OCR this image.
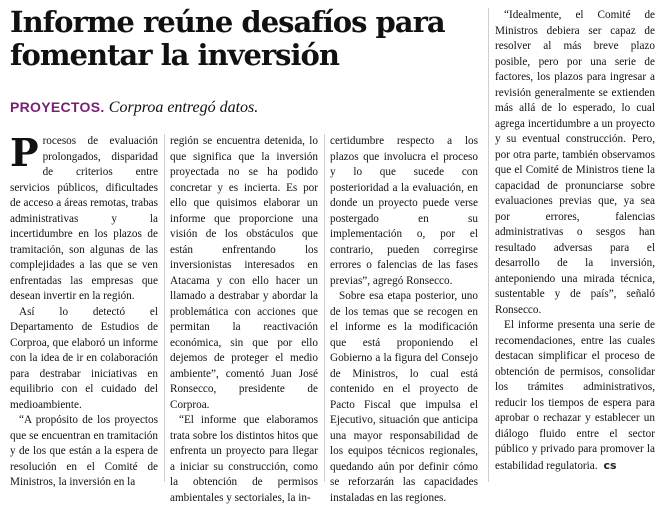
Informe reúne desafíos para fomentar la inversión
PROYECTOS. Corproa entregó datos.

Procesos de evaluación prolongados, disparidad de criterios entre servicios públicos, dificultades de acceso a áreas remotas, trabas administrativas y la incertidumbre en los plazos de tramitación, son algunas de las complejidades a las que se ven enfrentadas las empresas que desean invertir en la región.

Así lo detectó el Departamento de Estudios de Corproa, que elaboró un informe con la idea de ir en colaboración para destrabar iniciativas en equilibrio con el cuidado del medioambiente.

“A propósito de los proyectos que se encuentran en tramitación y de los que están a la espera de resolución en el Comité de Ministros, la inversión en la

región se encuentra detenida, lo que significa que la inversión proyectada no se ha podido concretar y es incierta. Es por ello que quisimos elaborar un informe que proporcione una visión de los obstáculos que están enfrentando los inversionistas interesados en Atacama y con ello hacer un llamado a destrabar y abordar la problemática con acciones que permitan la reactivación económica, sin que por ello dejemos de proteger el medio ambiente”, comentó Juan José Ronsecco, presidente de Corproa.

“El informe que elaboramos trata sobre los distintos hitos que enfrenta un proyecto para llegar a iniciar su construcción, como la obtención de permisos ambientales y sectoriales, la in-

certidumbre respecto a los plazos que involucra el proceso y lo que sucede con posterioridad a la evaluación, en donde un proyecto puede verse postergado en su implementación o, por el contrario, pueden corregirse errores o falencias de las fases previas”, agregó Ronsecco.

Sobre esa etapa posterior, uno de los temas que se recogen en el informe es la modificación que está proponiendo el Gobierno a la figura del Consejo de Ministros, lo cual está contenido en el proyecto de Pacto Fiscal que impulsa el Ejecutivo, situación que anticipa una mayor responsabilidad de los equipos técnicos regionales, quedando aún por definir cómo se reforzarán las capacidades instaladas en las regiones.

“Idealmente, el Comité de Ministros debiera ser capaz de resolver al más breve plazo posible, pero por una serie de factores, los plazos para ingresar a revisión generalmente se extienden más allá de lo esperado, lo cual agrega incertidumbre a un proyecto y su eventual construcción. Pero, por otra parte, también observamos que el Comité de Ministros tiene la capacidad de pronunciarse sobre evaluaciones previas que, ya sea por errores, falencias administrativas o sesgos han resultado adversas para el desarrollo de la inversión, anteponiendo una mirada técnica, sustentable y de país”, señaló Ronsecco.

El informe presenta una serie de recomendaciones, entre las cuales destacan simplificar el proceso de obtención de permisos, consolidar los trámites administrativos, reducir los tiempos de espera para aprobar o rechazar y establecer un diálogo fluido entre el sector público y privado para promover la estabilidad regulatoria. cs
